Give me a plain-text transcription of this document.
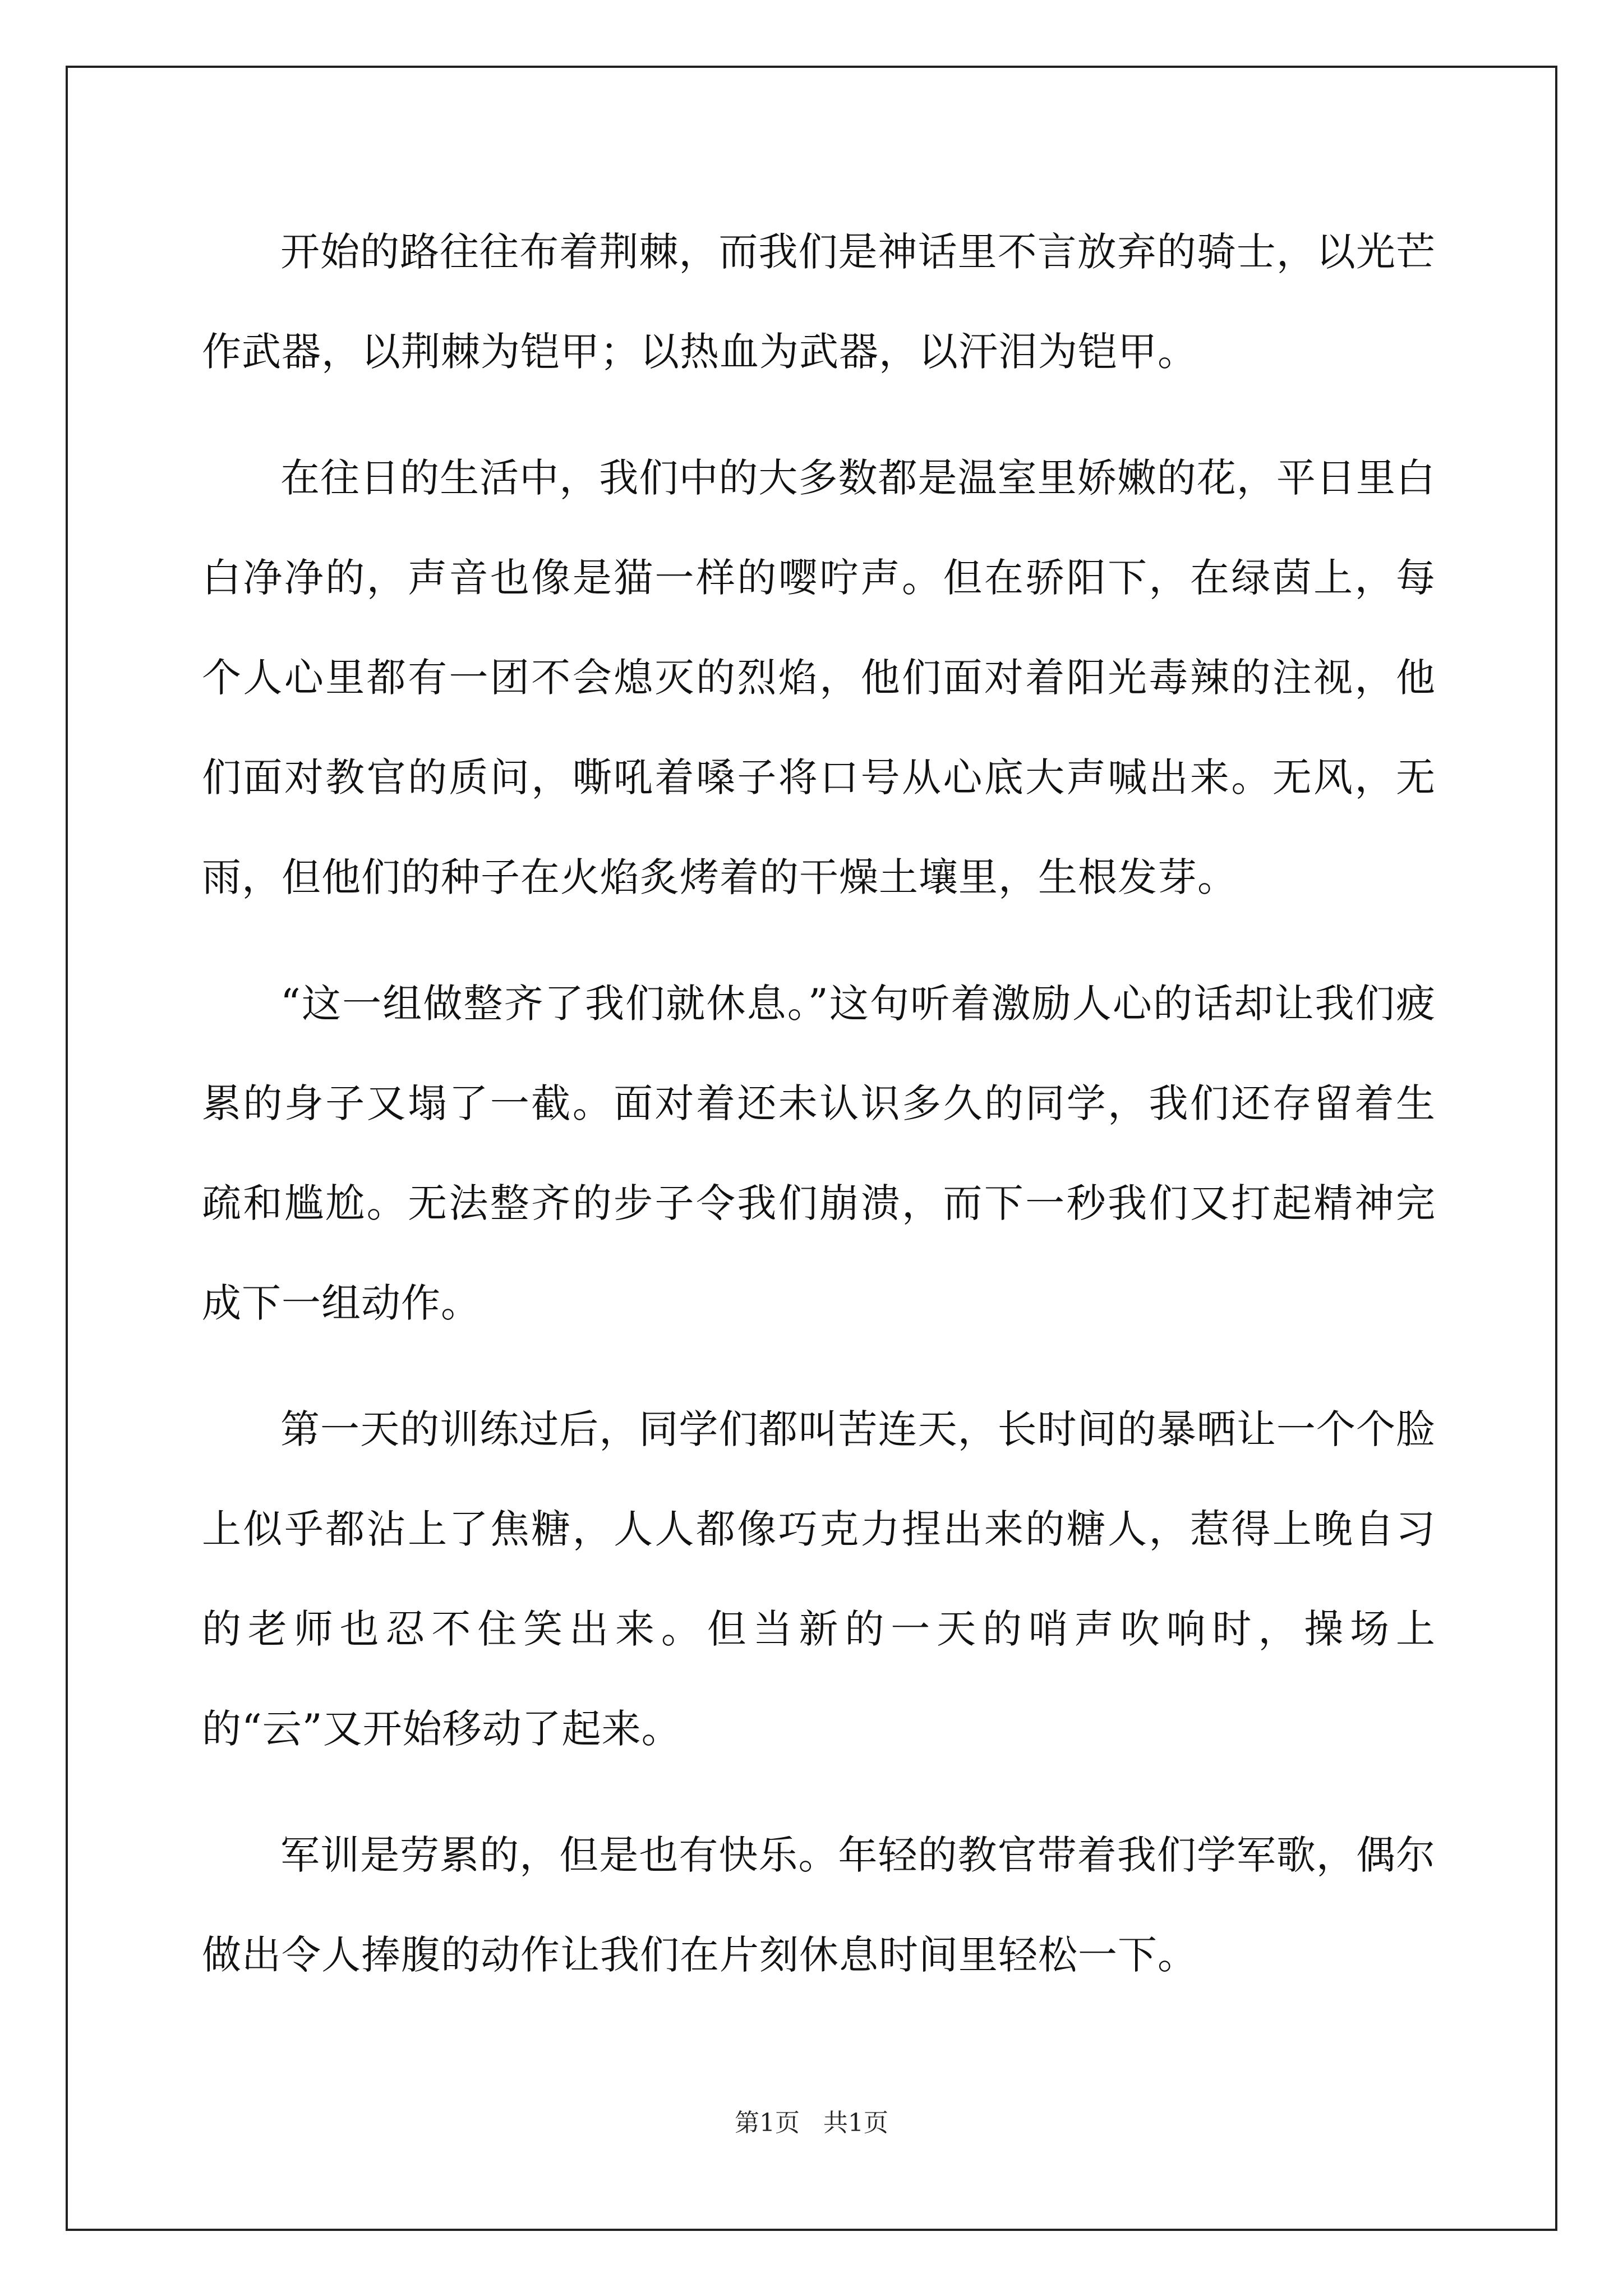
开始的路往往布着荆棘，而我们是神话里不言放弃的骑士，以光芒作武器，以荆棘为铠甲；以热血为武器，以汗泪为铠甲。

在往日的生活中，我们中的大多数都是温室里娇嫩的花，平日里白白净净的，声音也像是猫一样的嘤咛声。但在骄阳下，在绿茵上，每个人心里都有一团不会熄灭的烈焰，他们面对着阳光毒辣的注视，他们面对教官的质问，嘶吼着嗓子将口号从心底大声喊出来。无风，无雨，但他们的种子在火焰炙烤着的干燥土壤里，生根发芽。

“这一组做整齐了我们就休息。”这句听着激励人心的话却让我们疲累的身子又塌了一截。面对着还未认识多久的同学，我们还存留着生疏和尴尬。无法整齐的步子令我们崩溃，而下一秒我们又打起精神完成下一组动作。

第一天的训练过后，同学们都叫苦连天，长时间的暴晒让一个个脸上似乎都沾上了焦糖，人人都像巧克力捏出来的糖人，惹得上晚自习的老师也忍不住笑出来。但当新的一天的哨声吹响时，操场上的“云”又开始移动了起来。

军训是劳累的，但是也有快乐。年轻的教官带着我们学军歌，偶尔做出令人捧腹的动作让我们在片刻休息时间里轻松一下。

第1页 共1页
